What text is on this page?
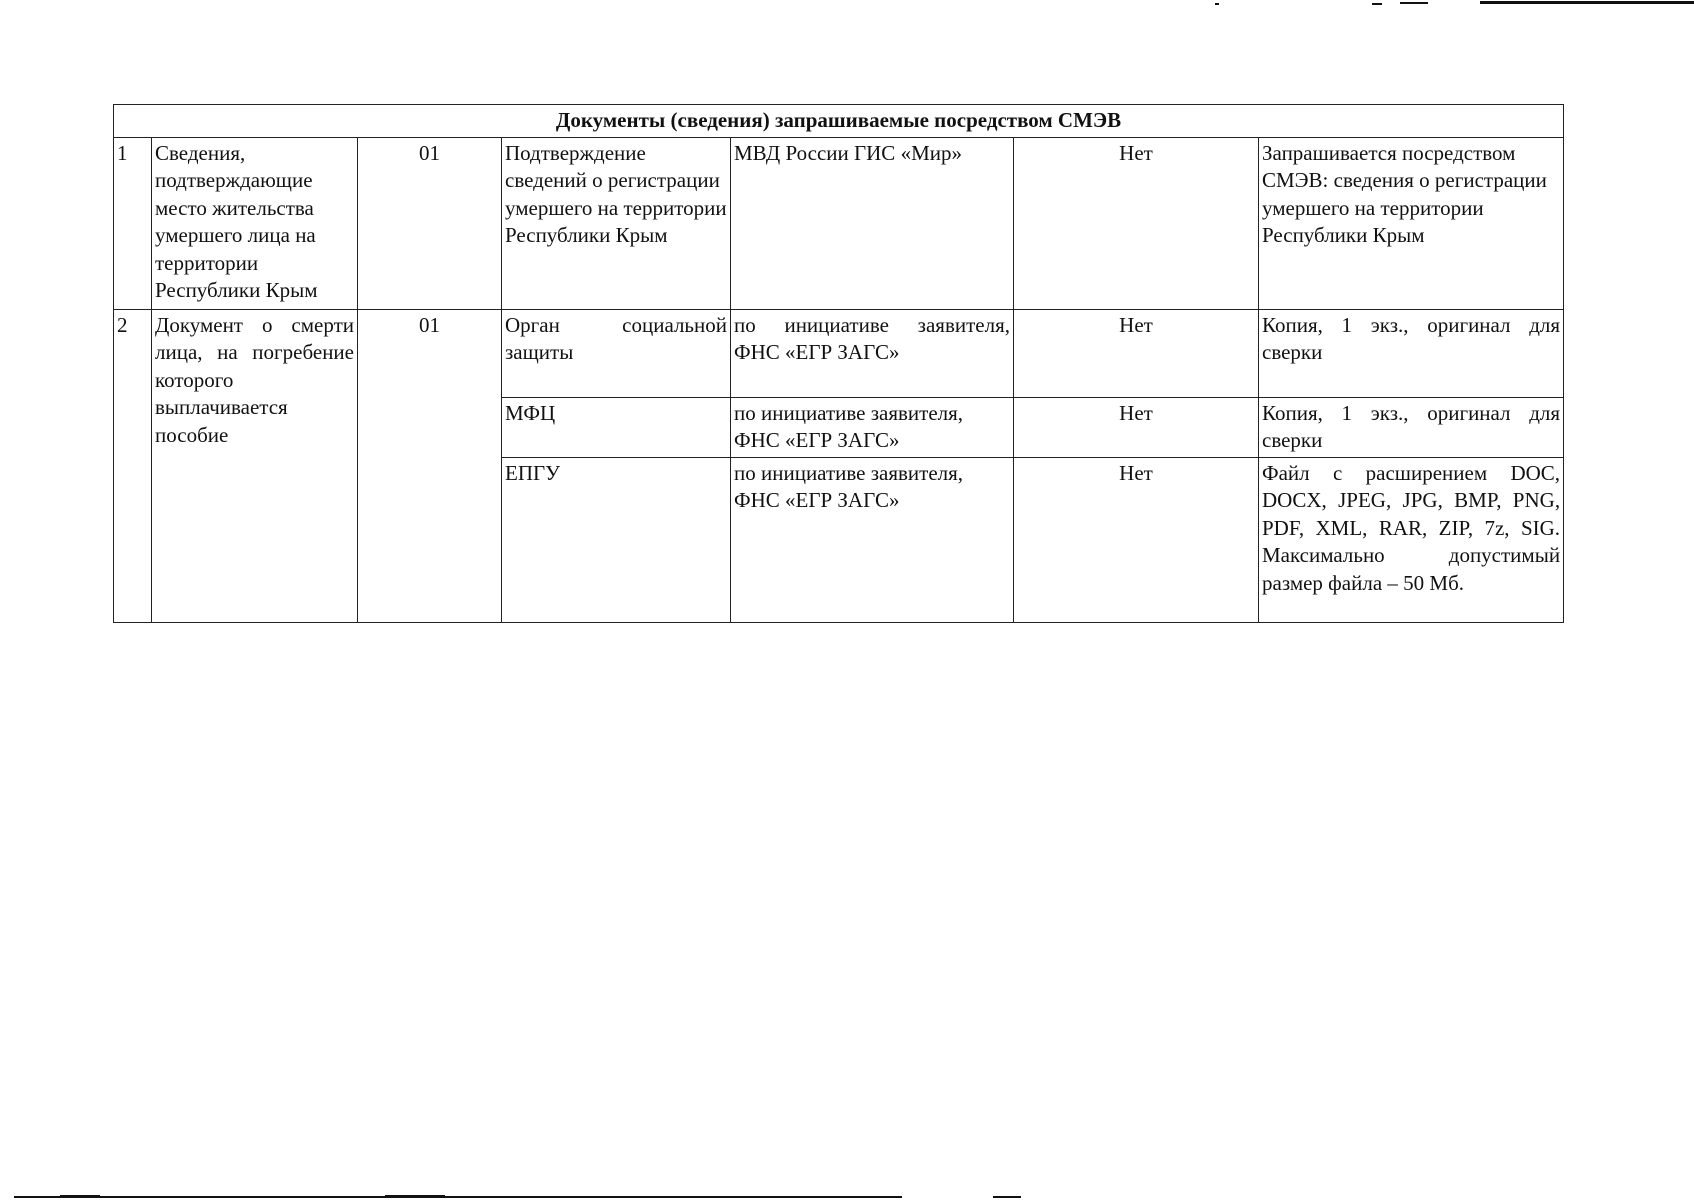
Документы (сведения) запрашиваемые посредством СМЭВ						
1	Сведения, подтверждающие место жительства умершего лица на территории Республики Крым	01	Подтверждение сведений о регистрации умершего на территории Республики Крым	МВД России ГИС «Мир»	Нет	Запрашивается посредством СМЭВ: сведения о регистрации умершего на территории Республики Крым
2	Документ о смерти лица, на погребение которого выплачивается пособие	01	Орган социальной защиты	по инициативе заявителя, ФНС «ЕГР ЗАГС»	Нет	Копия, 1 экз., оригинал для сверки
			МФЦ	по инициативе заявителя, ФНС «ЕГР ЗАГС»	Нет	Копия, 1 экз., оригинал для сверки
			ЕПГУ	по инициативе заявителя, ФНС «ЕГР ЗАГС»	Нет	Файл с расширением DOC, DOCX, JPEG, JPG, BMP, PNG, PDF, XML, RAR, ZIP, 7z, SIG. Максимально допустимый размер файла – 50 Мб.
